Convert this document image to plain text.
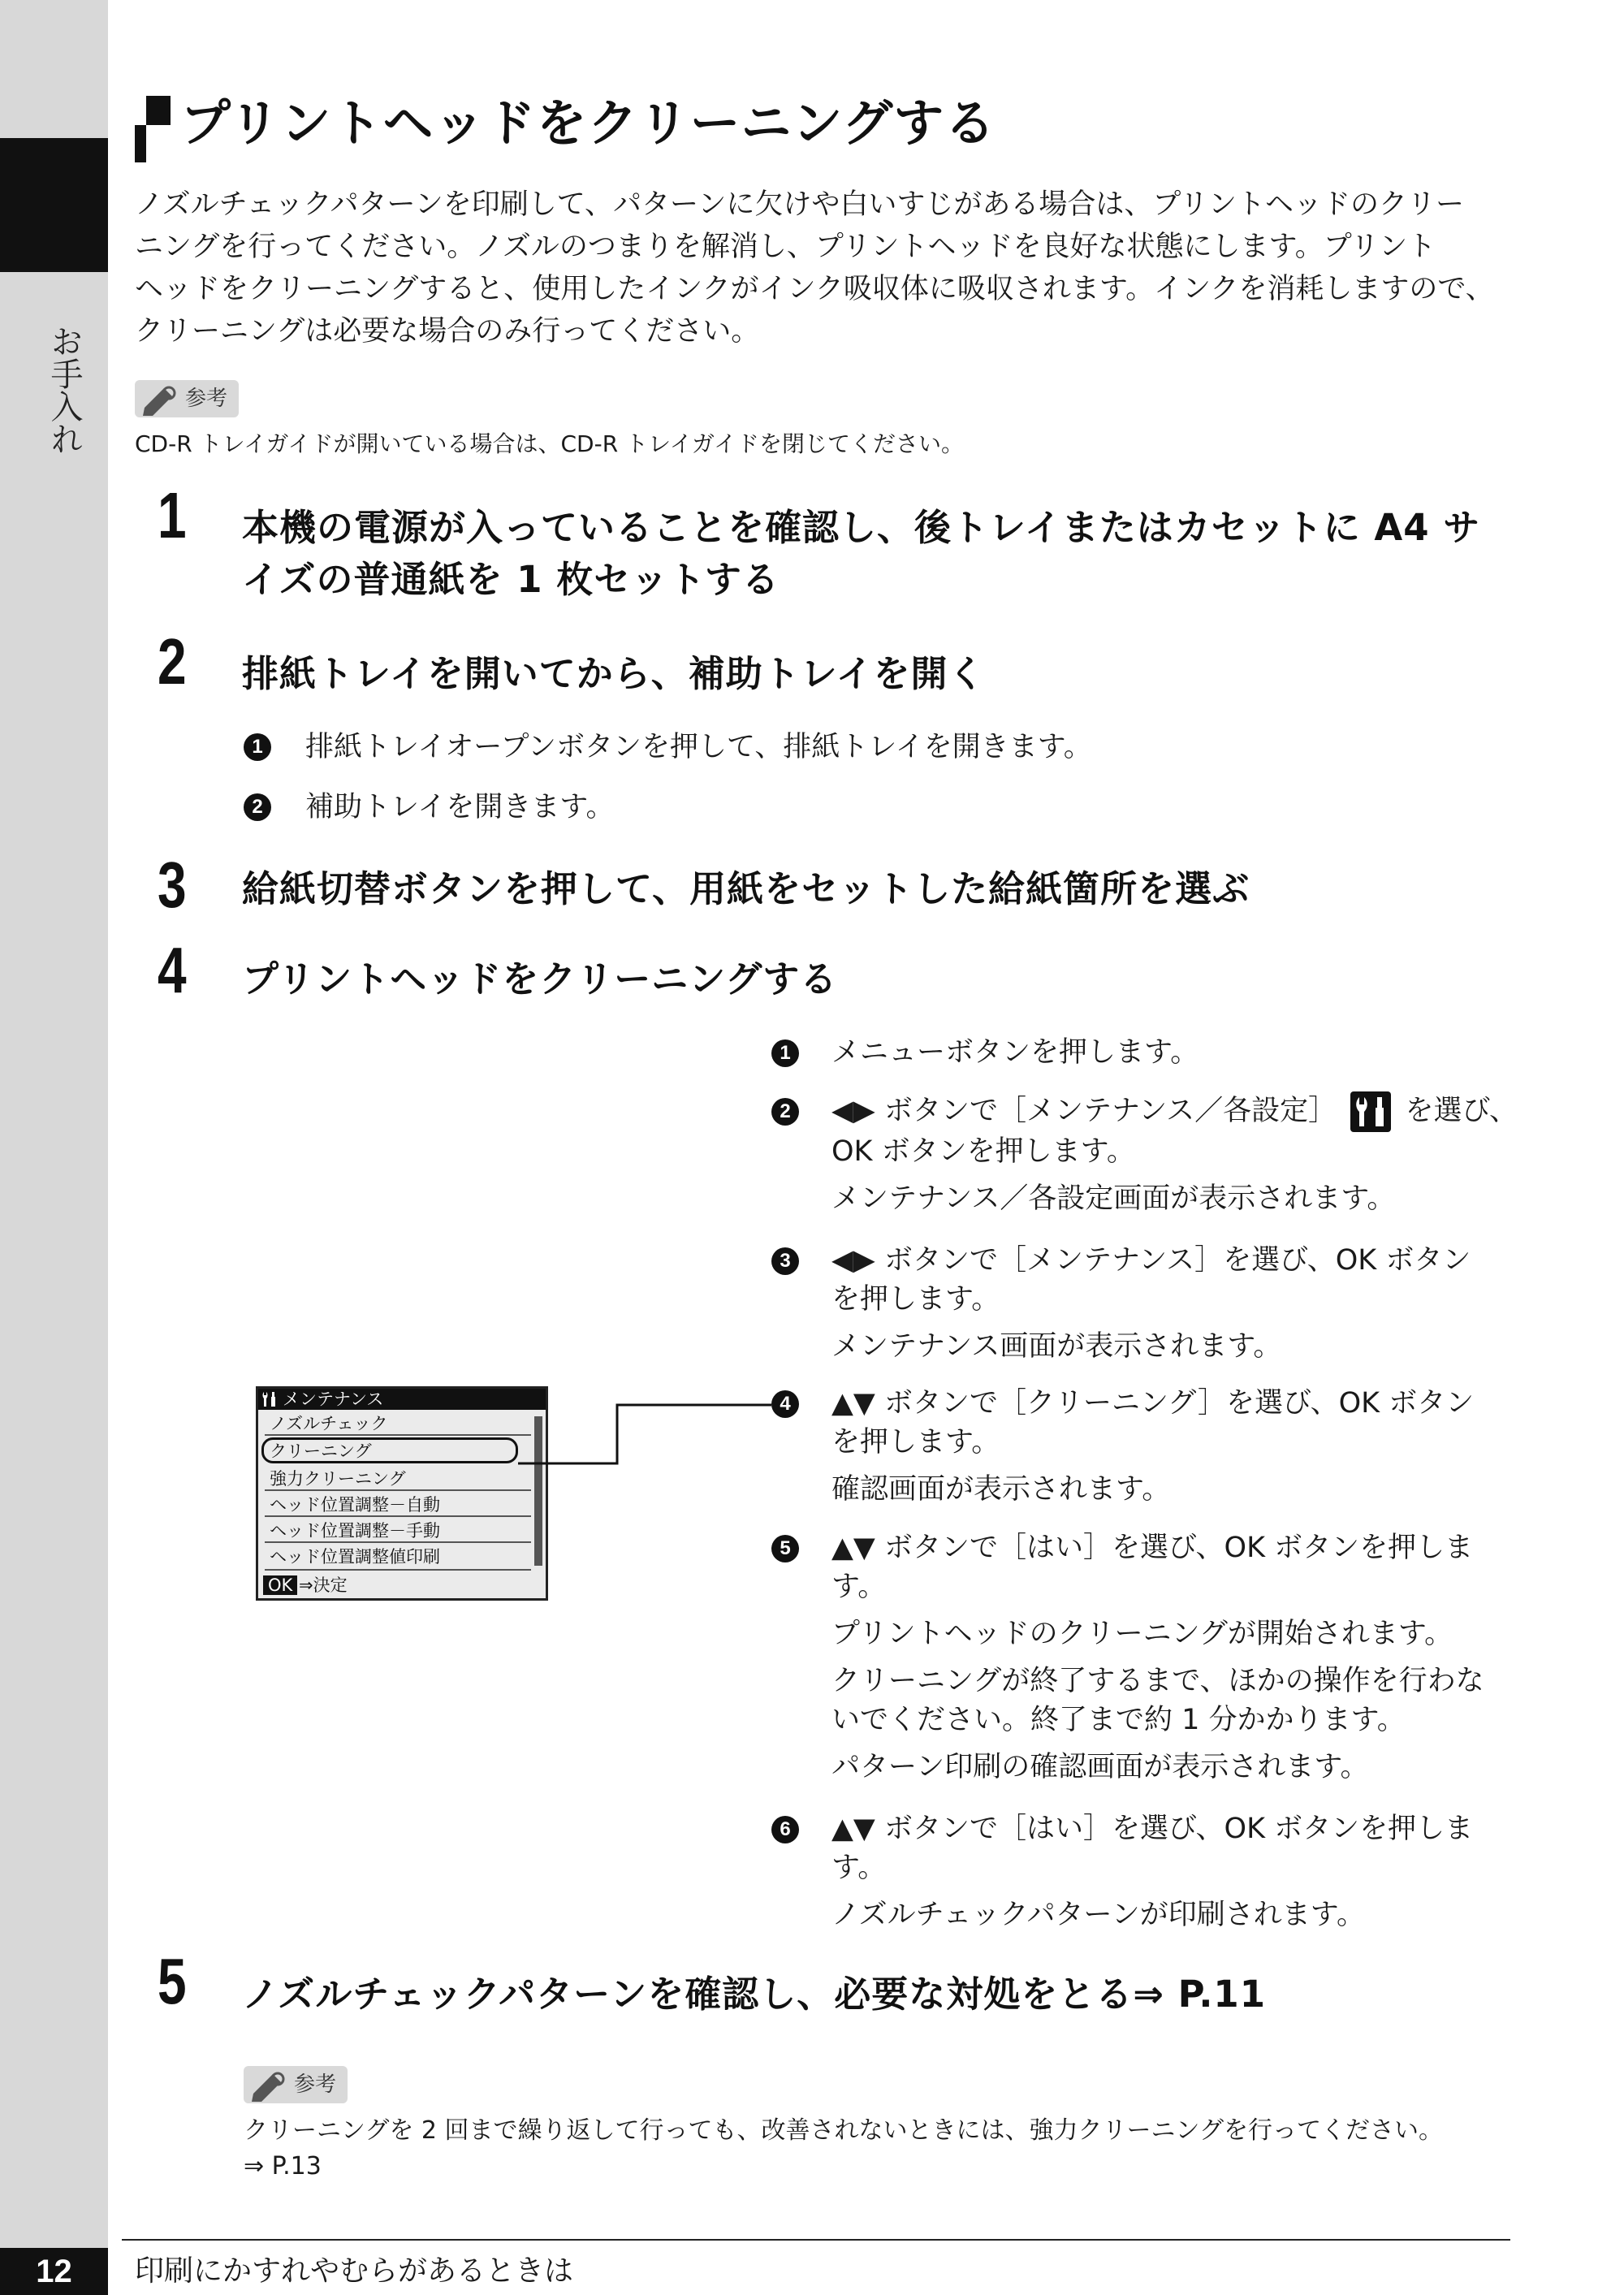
お手入れ
プリントヘッドをクリーニングする
ノズルチェックパターンを印刷して、パターンに欠けや白いすじがある場合は、プリントヘッドのクリー
ニングを行ってください。ノズルのつまりを解消し、プリントヘッドを良好な状態にします。プリント
ヘッドをクリーニングすると、使用したインクがインク吸収体に吸収されます。インクを消耗しますので、
クリーニングは必要な場合のみ行ってください。
参考
CD-R トレイガイドが開いている場合は、CD-R トレイガイドを閉じてください。
1 本機の電源が入っていることを確認し、後トレイまたはカセットに A4 サ
イズの普通紙を 1 枚セットする
2 排紙トレイを開いてから、補助トレイを開く
1 排紙トレイオープンボタンを押して、排紙トレイを開きます。
2 補助トレイを開きます。
3 給紙切替ボタンを押して、用紙をセットした給紙箇所を選ぶ
4 プリントヘッドをクリーニングする
1 メニューボタンを押します。
2 ◀▶ ボタンで［メンテナンス／各設定］ を選び、
OK ボタンを押します。
メンテナンス／各設定画面が表示されます。
3 ◀▶ ボタンで［メンテナンス］を選び、OK ボタン
を押します。
メンテナンス画面が表示されます。
4 ▲▼ ボタンで［クリーニング］を選び、OK ボタン
を押します。
確認画面が表示されます。
5 ▲▼ ボタンで［はい］を選び、OK ボタンを押しま
す。
プリントヘッドのクリーニングが開始されます。
クリーニングが終了するまで、ほかの操作を行わな
いでください。終了まで約 1 分かかります。
パターン印刷の確認画面が表示されます。
6 ▲▼ ボタンで［はい］を選び、OK ボタンを押しま
す。
ノズルチェックパターンが印刷されます。
メンテナンス
ノズルチェック
クリーニング
強力クリーニング
ヘッド位置調整－自動
ヘッド位置調整－手動
ヘッド位置調整値印刷
OK ⇒決定
5 ノズルチェックパターンを確認し、必要な対処をとる⇒ P.11
参考
クリーニングを 2 回まで繰り返して行っても、改善されないときには、強力クリーニングを行ってください。
⇒ P.13
12	印刷にかすれやむらがあるときは
